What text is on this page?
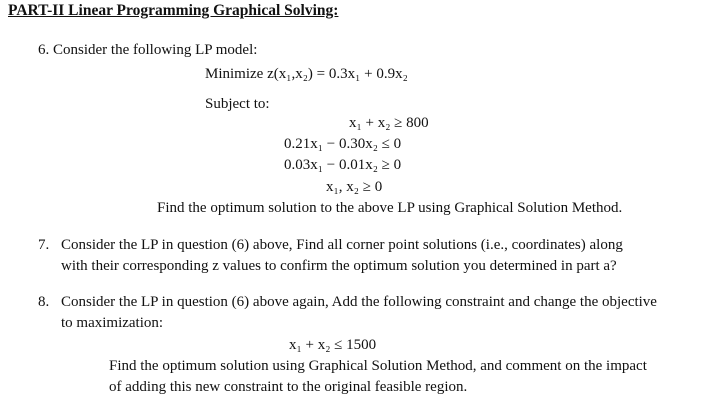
PART-II Linear Programming Graphical Solving:
6. Consider the following LP model:
Minimize z(x₁,x₂) = 0.3x₁ + 0.9x₂
Subject to:
x₁ + x₂ ≥ 800
0.21x₁ − 0.30x₂ ≤ 0
0.03x₁ − 0.01x₂ ≥ 0
x₁, x₂ ≥ 0
Find the optimum solution to the above LP using Graphical Solution Method.
7. Consider the LP in question (6) above, Find all corner point solutions (i.e., coordinates) along
with their corresponding z values to confirm the optimum solution you determined in part a?
8. Consider the LP in question (6) above again, Add the following constraint and change the objective
to maximization:
x₁ + x₂ ≤ 1500
Find the optimum solution using Graphical Solution Method, and comment on the impact
of adding this new constraint to the original feasible region.
